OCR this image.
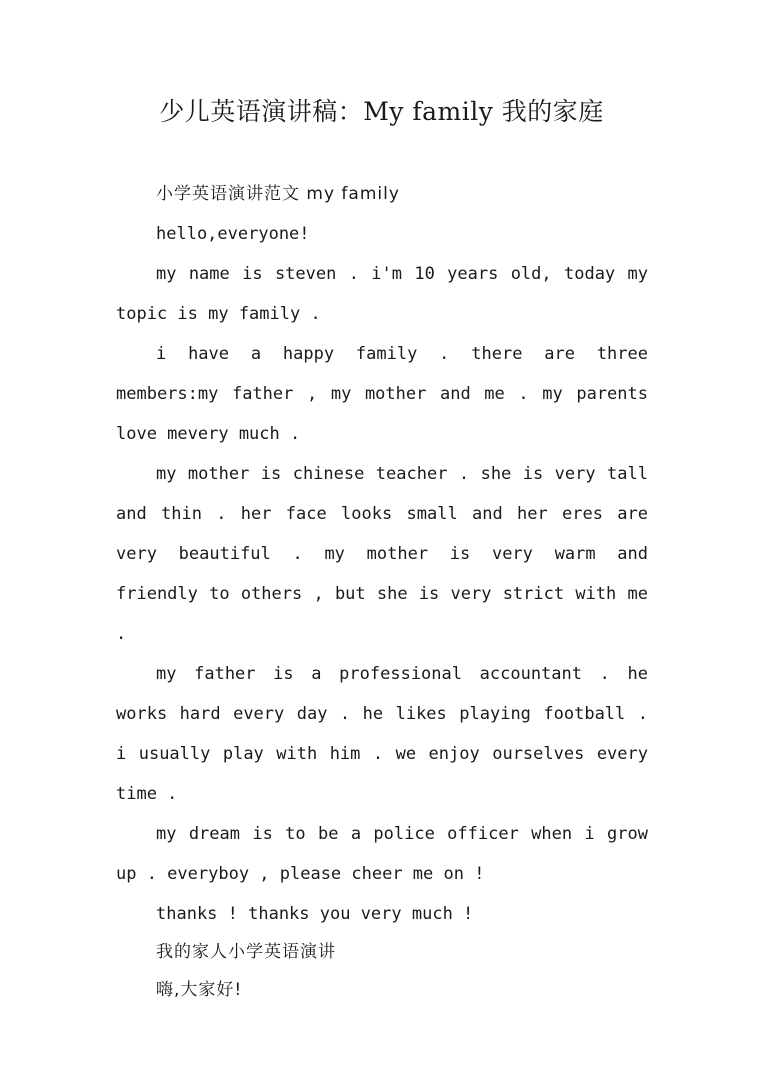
少儿英语演讲稿：My family 我的家庭

小学英语演讲范文 my family

hello,everyone!

my name is steven . i'm 10 years old, today my topic is my family .

i have a happy family . there are three members:my father , my mother and me . my parents love mevery much .

my mother is chinese teacher . she is very tall and thin . her face looks small and her eres are very beautiful . my mother is very warm and friendly to others , but she is very strict with me .

my father is a professional accountant . he works hard every day . he likes playing football . i usually play with him . we enjoy ourselves every time .

my dream is to be a police officer when i grow up . everyboy , please cheer me on !

thanks ! thanks you very much !

我的家人小学英语演讲

嗨,大家好!
